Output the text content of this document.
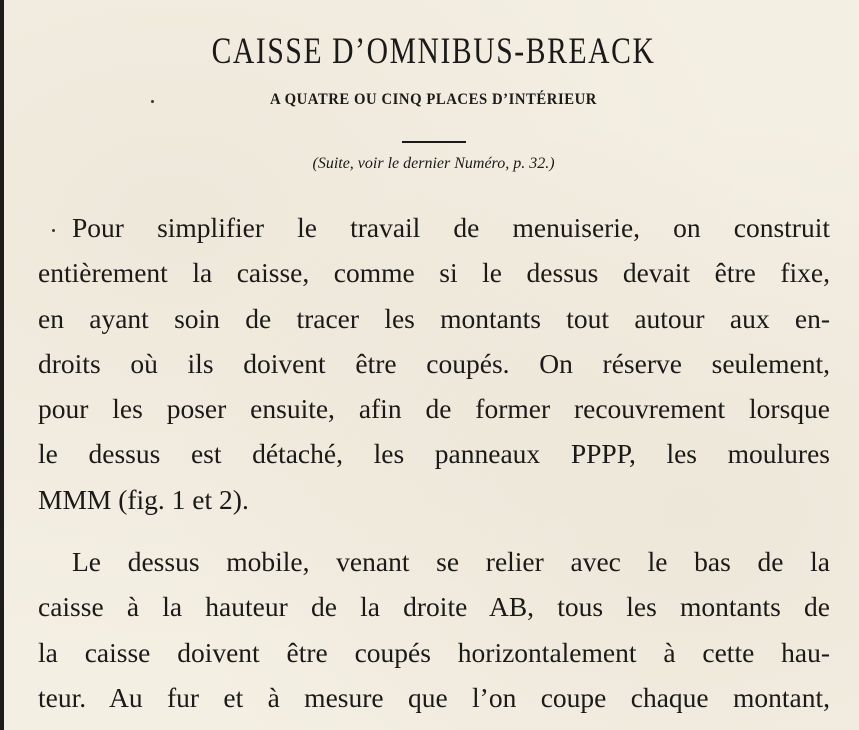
CAISSE D’OMNIBUS-BREACK
A QUATRE OU CINQ PLACES D’INTÉRIEUR
(Suite, voir le dernier Numéro, p. 32.)
Pour simplifier le travail de menuiserie, on construit
entièrement la caisse, comme si le dessus devait être fixe,
en ayant soin de tracer les montants tout autour aux en-
droits où ils doivent être coupés. On réserve seulement,
pour les poser ensuite, afin de former recouvrement lorsque
le dessus est détaché, les panneaux PPPP, les moulures
MMM (fig. 1 et 2).
Le dessus mobile, venant se relier avec le bas de la
caisse à la hauteur de la droite AB, tous les montants de
la caisse doivent être coupés horizontalement à cette hau-
teur. Au fur et à mesure que l’on coupe chaque montant,
